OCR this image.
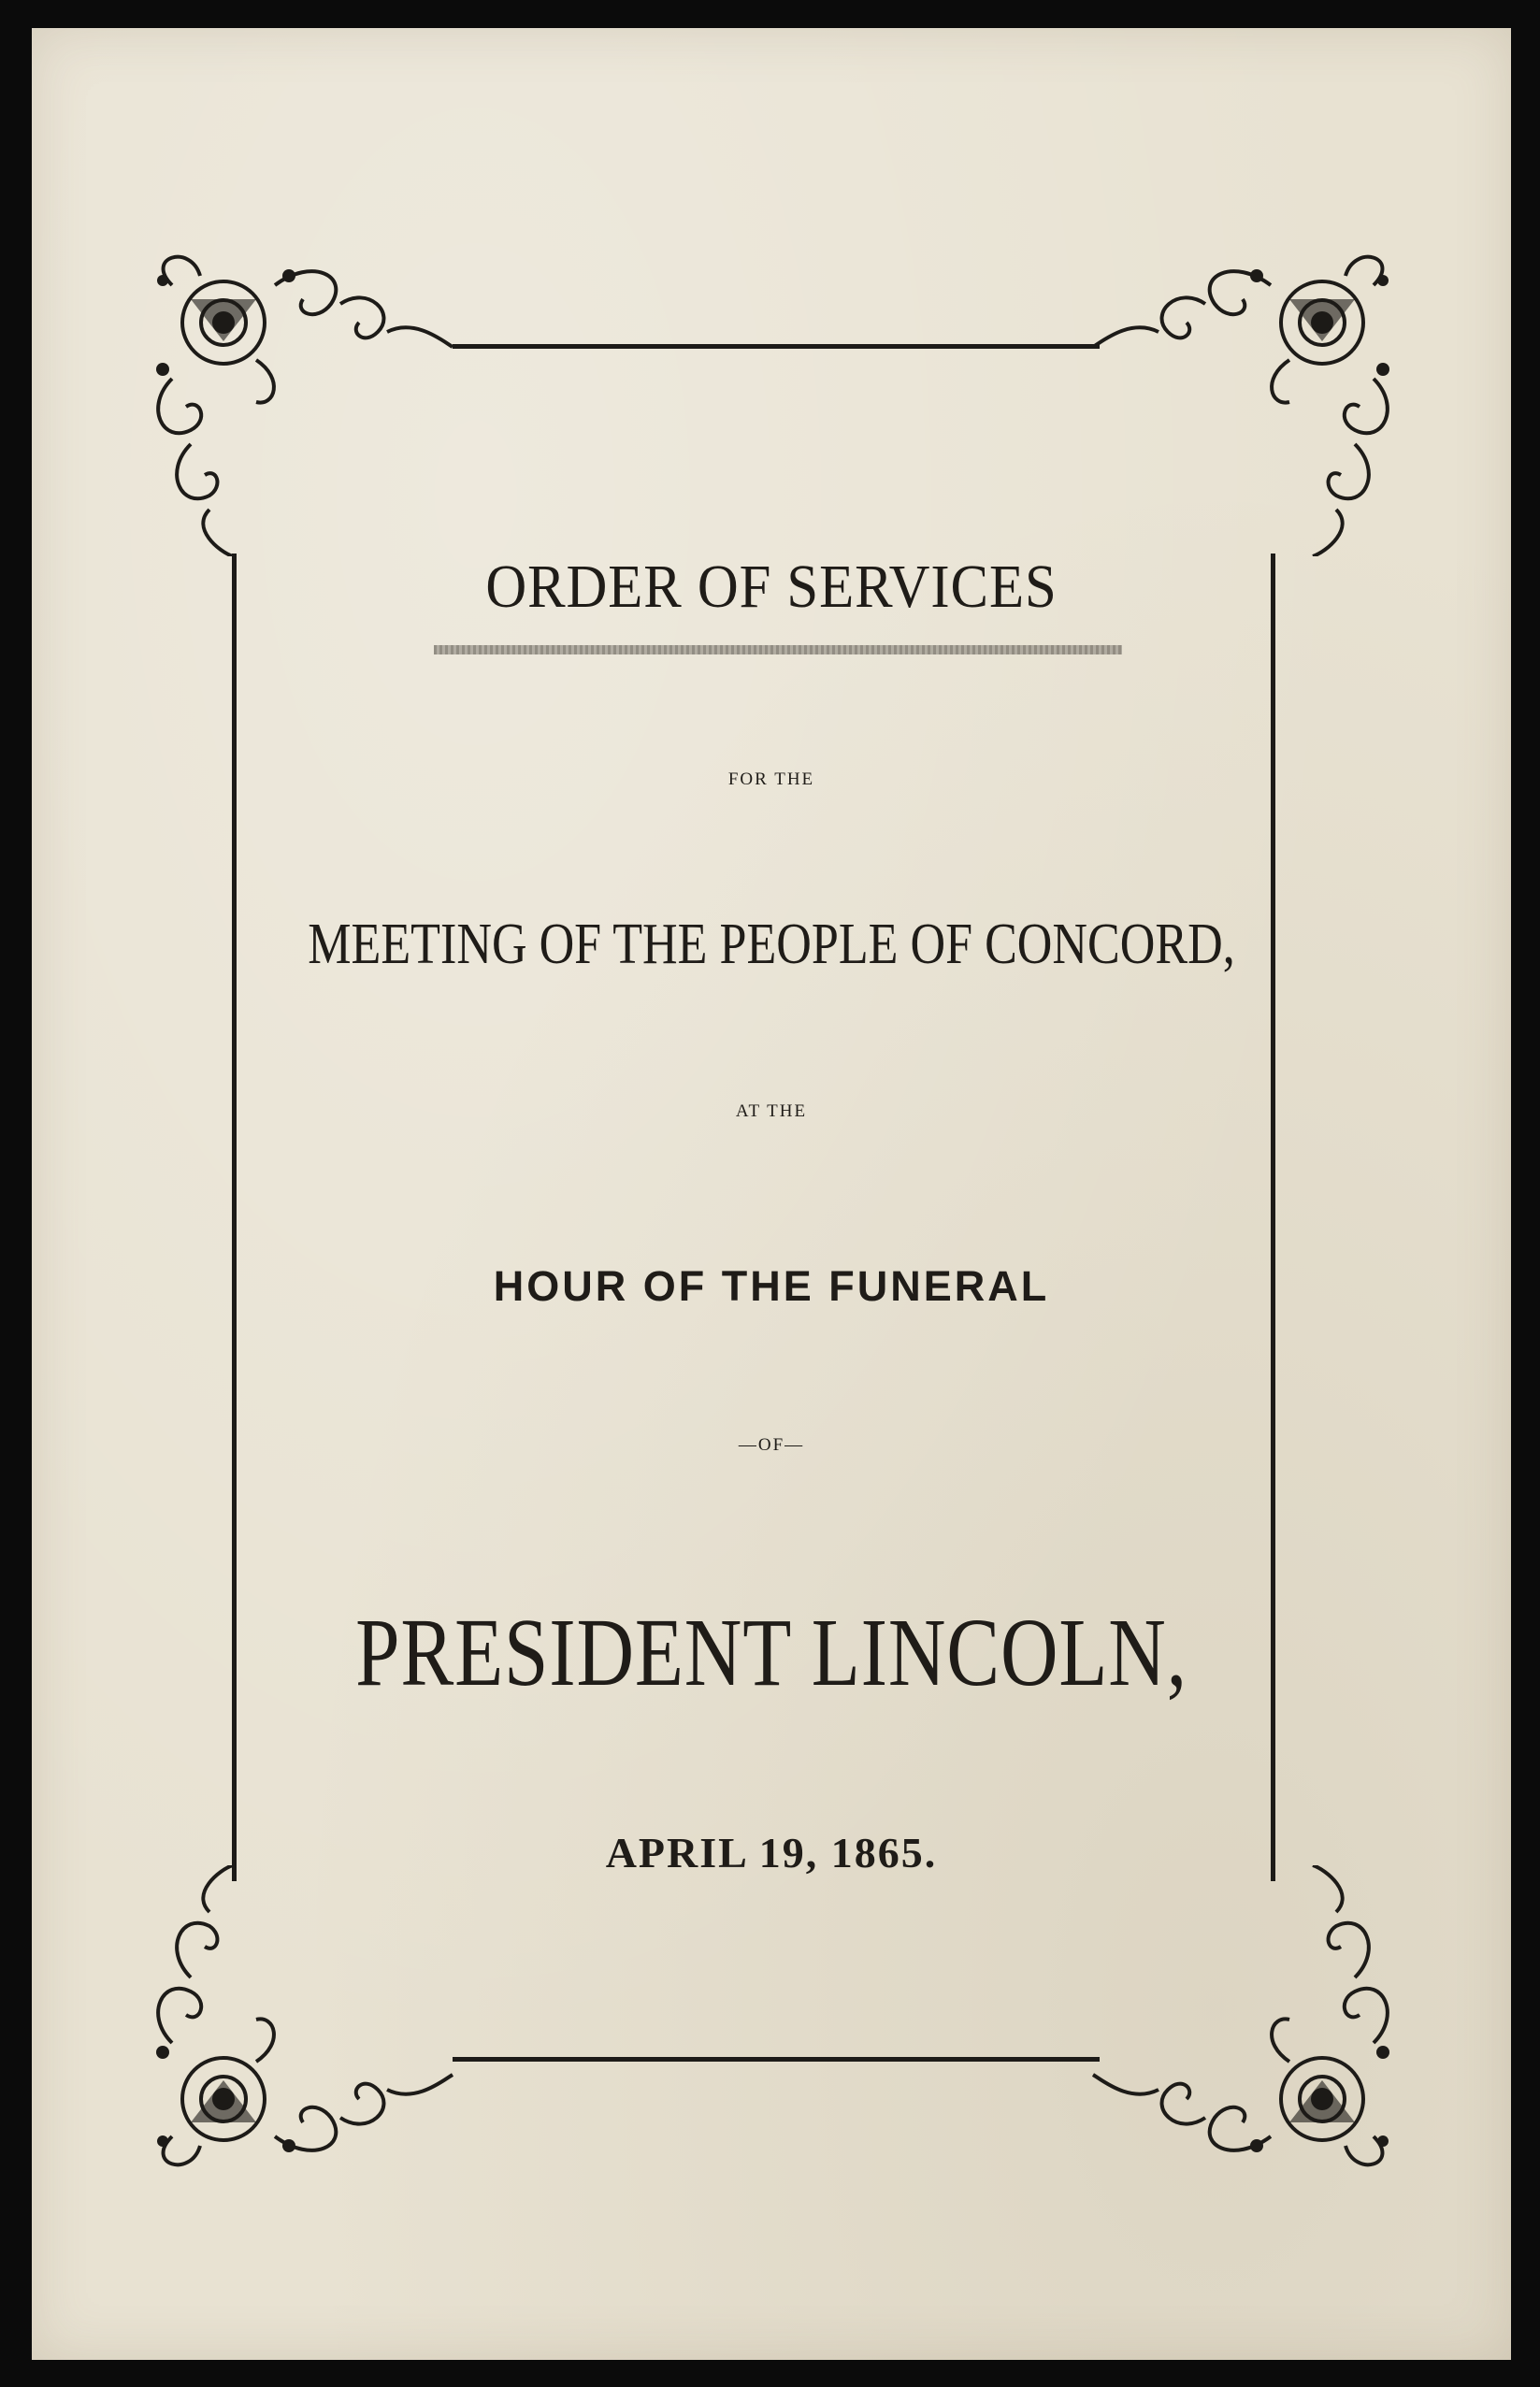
ORDER OF SERVICES
FOR THE
MEETING OF THE PEOPLE OF CONCORD,
AT THE
HOUR OF THE FUNERAL
—OF—
PRESIDENT LINCOLN,
APRIL 19, 1865.
